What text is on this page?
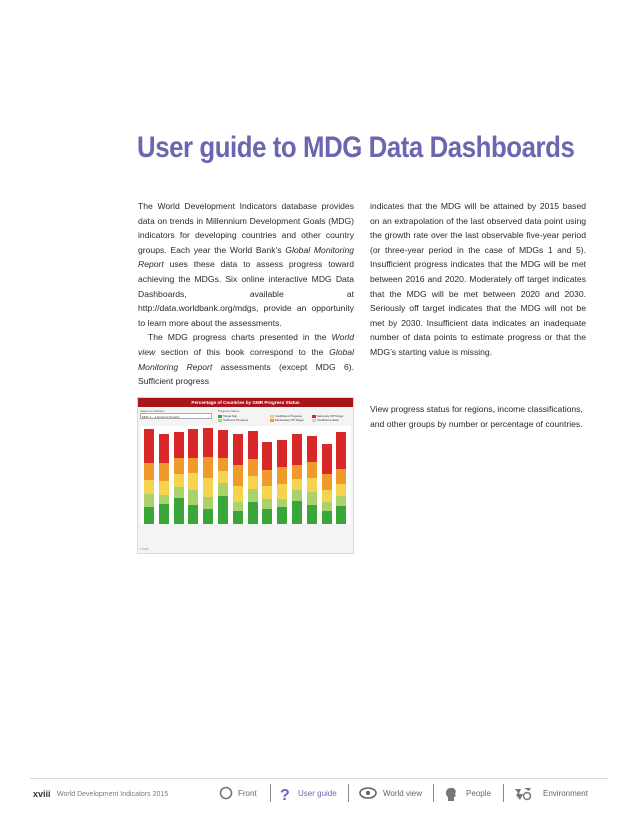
User guide to MDG Data Dashboards

The World Development Indicators database provides data on trends in Millennium Development Goals (MDG) indicators for developing countries and other country groups. Each year the World Bank’s Global Monitoring Report uses these data to assess progress toward achieving the MDGs. Six online interactive MDG Data Dashboards, available at http://data.worldbank.org/mdgs, provide an opportunity to learn more about the assessments.

The MDG progress charts presented in the World view section of this book correspond to the Global Monitoring Report assessments (except MDG 6). Sufficient progress

indicates that the MDG will be attained by 2015 based on an extrapolation of the last observed data point using the growth rate over the last observable five-year period (or three-year period in the case of MDGs 1 and 5). Insufficient progress indicates that the MDG will be met between 2016 and 2020. Moderately off target indicates that the MDG will be met between 2020 and 2030. Seriously off target indicates that the MDG will not be met by 2030. Insufficient data indicates an inadequate number of data points to estimate progress or that the MDG’s starting value is missing.

Percentage of Countries by GMR Progress Status
Select an indicator
MDG 1 – 1.Extreme Poverty
Progress Status
Target Met
Sufficient Progress
Insufficient Progress
Moderately Off Target
Seriously Off Target
Insufficient Data
© 2015
View progress status for regions, income classifications, and other groups by number or percentage of countries.
xviii World Development Indicators 2015	Front ? User guide	World view	People	Environment
